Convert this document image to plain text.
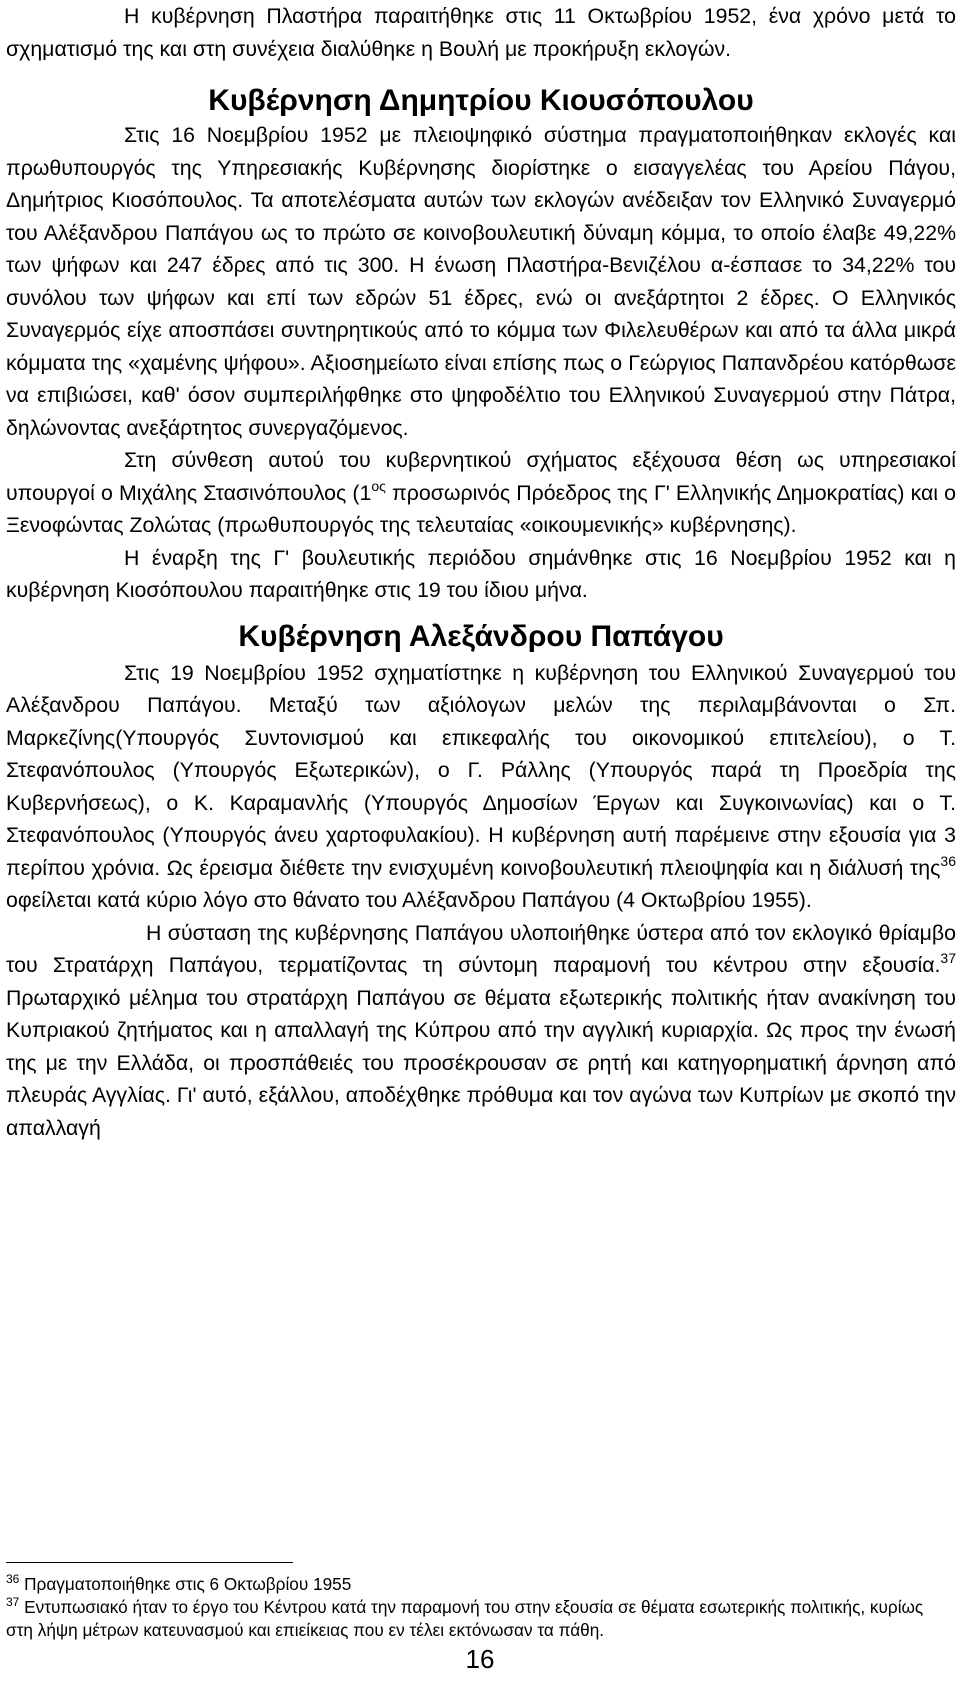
Η κυβέρνηση Πλαστήρα παραιτήθηκε στις 11 Οκτωβρίου 1952, ένα χρόνο μετά το σχηματισμό της και στη συνέχεια διαλύθηκε η Βουλή με προκήρυξη εκλογών.

Κυβέρνηση Δημητρίου Κιουσόπουλου

Στις 16 Νοεμβρίου 1952 με πλειοψηφικό σύστημα πραγματοποιήθηκαν εκλογές και πρωθυπουργός της Υπηρεσιακής Κυβέρνησης διορίστηκε ο εισαγγελέας του Αρείου Πάγου, Δημήτριος Κιοσόπουλος. Τα αποτελέσματα αυτών των εκλογών ανέδειξαν τον Ελληνικό Συναγερμό του Αλέξανδρου Παπάγου ως το πρώτο σε κοινοβουλευτική δύναμη κόμμα, το οποίο έλαβε 49,22% των ψήφων και 247 έδρες από τις 300. Η ένωση Πλαστήρα-Βενιζέλου α-έσπασε το 34,22% του συνόλου των ψήφων και επί των εδρών 51 έδρες, ενώ οι ανεξάρτητοι 2 έδρες. Ο Ελληνικός Συναγερμός είχε αποσπάσει συντηρητικούς από το κόμμα των Φιλελευθέρων και από τα άλλα μικρά κόμματα της «χαμένης ψήφου». Αξιοσημείωτο είναι επίσης πως ο Γεώργιος Παπανδρέου κατόρθωσε να επιβιώσει, καθ' όσον συμπεριλήφθηκε στο ψηφοδέλτιο του Ελληνικού Συναγερμού στην Πάτρα, δηλώνοντας ανεξάρτητος συνεργαζόμενος.

Στη σύνθεση αυτού του κυβερνητικού σχήματος εξέχουσα θέση ως υπηρεσιακοί υπουργοί ο Μιχάλης Στασινόπουλος ($1^{o\varsigma}$ προσωρινός Πρόεδρος της Γ' Ελληνικής Δημοκρατίας) και ο Ξενοφώντας Ζολώτας (πρωθυπουργός της τελευταίας «οικουμενικής» κυβέρνησης).

Η έναρξη της Γ' βουλευτικής περιόδου σημάνθηκε στις 16 Νοεμβρίου 1952 και η κυβέρνηση Κιοσόπουλου παραιτήθηκε στις 19 του ίδιου μήνα.

Κυβέρνηση Αλεξάνδρου Παπάγου

Στις 19 Νοεμβρίου 1952 σχηματίστηκε η κυβέρνηση του Ελληνικού Συναγερμού του Αλέξανδρου Παπάγου. Μεταξύ των αξιόλογων μελών της περιλαμβάνονται ο Σπ. Μαρκεζίνης(Υπουργός Συντονισμού και επικεφαλής του οικονομικού επιτελείου), ο Τ. Στεφανόπουλος (Υπουργός Εξωτερικών), ο Γ. Ράλλης (Υπουργός παρά τη Προεδρία της Κυβερνήσεως), ο Κ. Καραμανλής (Υπουργός Δημοσίων Έργων και Συγκοινωνίας) και ο Τ. Στεφανόπουλος (Υπουργός άνευ χαρτοφυλακίου). Η κυβέρνηση αυτή παρέμεινε στην εξουσία για 3 περίπου χρόνια. Ως έρεισμα διέθετε την ενισχυμένη κοινοβουλευτική πλειοψηφία και η διάλυσή της$^{36}$ οφείλεται κατά κύριο λόγο στο θάνατο του Αλέξανδρου Παπάγου (4 Οκτωβρίου 1955).

Η σύσταση της κυβέρνησης Παπάγου υλοποιήθηκε ύστερα από τον εκλογικό θρίαμβο του Στρατάρχη Παπάγου, τερματίζοντας τη σύντομη παραμονή του κέντρου στην εξουσία.$^{37}$ Πρωταρχικό μέλημα του στρατάρχη Παπάγου σε θέματα εξωτερικής πολιτικής ήταν ανακίνηση του Κυπριακού ζητήματος και η απαλλαγή της Κύπρου από την αγγλική κυριαρχία. Ως προς την ένωσή της με την Ελλάδα, οι προσπάθειές του προσέκρουσαν σε ρητή και κατηγορηματική άρνηση από πλευράς Αγγλίας. Γι' αυτό, εξάλλου, αποδέχθηκε πρόθυμα και τον αγώνα των Κυπρίων με σκοπό την απαλλαγή

$^{36}$ Πραγματοποιήθηκε στις 6 Οκτωβρίου 1955

$^{37}$ Εντυπωσιακό ήταν το έργο του Κέντρου κατά την παραμονή του στην εξουσία σε θέματα εσωτερικής πολιτικής, κυρίως στη λήψη μέτρων κατευνασμού και επιείκειας που εν τέλει εκτόνωσαν τα πάθη.

16
